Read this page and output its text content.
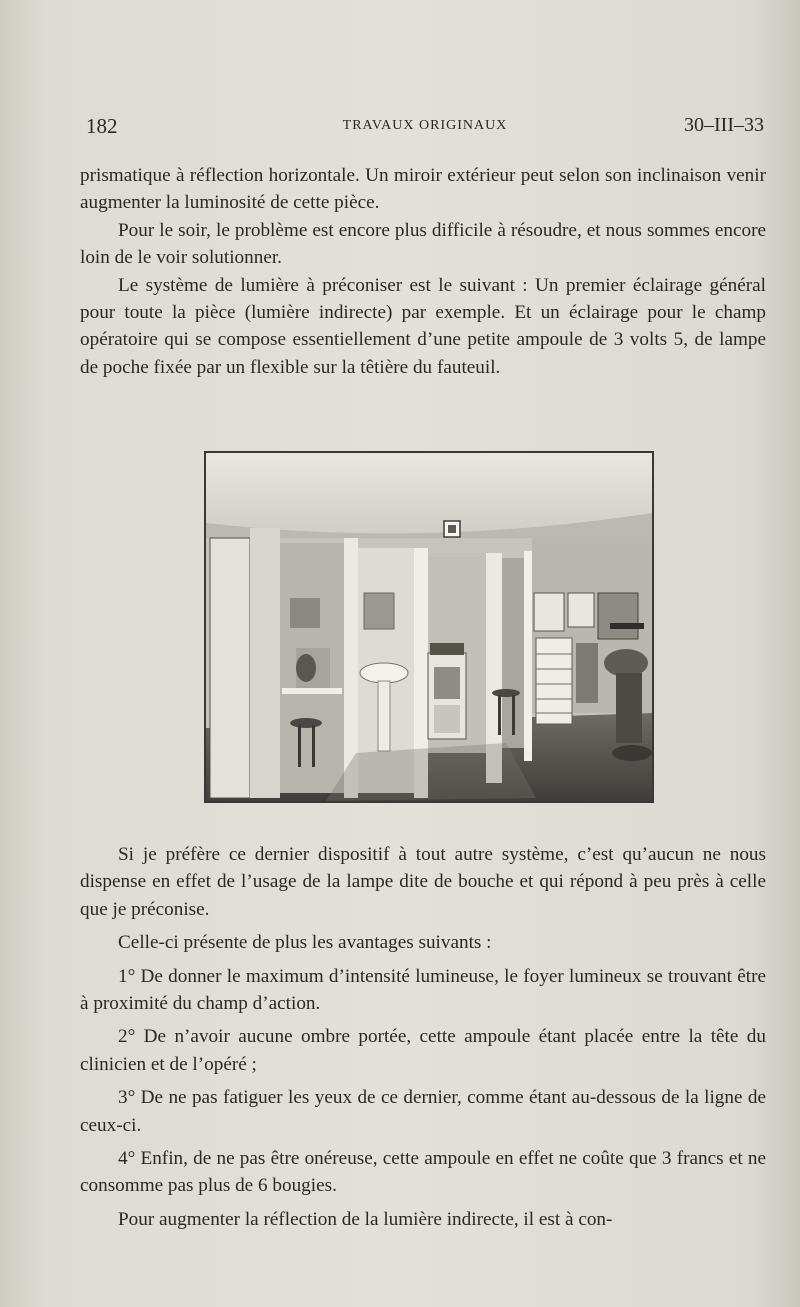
182	TRAVAUX ORIGINAUX	30–III–33

prismatique à réflection horizontale. Un miroir extérieur peut selon son inclinaison venir augmenter la luminosité de cette pièce.

Pour le soir, le problème est encore plus difficile à résoudre, et nous sommes encore loin de le voir solutionner.

Le système de lumière à préconiser est le suivant : Un premier éclairage général pour toute la pièce (lumière indirecte) par exemple. Et un éclairage pour le champ opératoire qui se compose essentiellement d’une petite ampoule de 3 volts 5, de lampe de poche fixée par un flexible sur la têtière du fauteuil.

Si je préfère ce dernier dispositif à tout autre système, c’est qu’aucun ne nous dispense en effet de l’usage de la lampe dite de bouche et qui répond à peu près à celle que je préconise.

Celle-ci présente de plus les avantages suivants :

1° De donner le maximum d’intensité lumineuse, le foyer lumineux se trouvant être à proximité du champ d’action.

2° De n’avoir aucune ombre portée, cette ampoule étant placée entre la tête du clinicien et de l’opéré ;

3° De ne pas fatiguer les yeux de ce dernier, comme étant au-dessous de la ligne de ceux-ci.

4° Enfin, de ne pas être onéreuse, cette ampoule en effet ne coûte que 3 francs et ne consomme pas plus de 6 bougies.

Pour augmenter la réflection de la lumière indirecte, il est à con-
